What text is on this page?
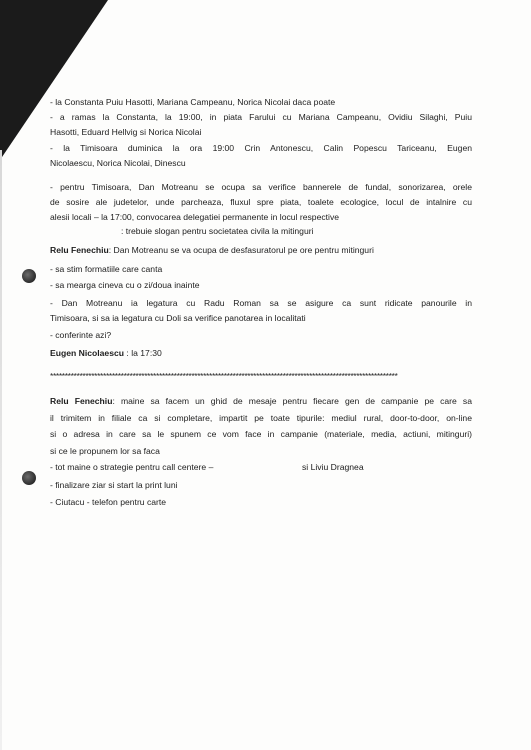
- la Constanta Puiu Hasotti, Mariana Campeanu, Norica Nicolai daca poate
- a ramas la Constanta, la 19:00, in piata Farului cu Mariana Campeanu, Ovidiu Silaghi, Puiu
Hasotti, Eduard Hellvig si Norica Nicolai
- la Timisoara duminica la ora 19:00 Crin Antonescu, Calin Popescu Tariceanu, Eugen
Nicolaescu, Norica Nicolai, Dinescu
- pentru Timisoara, Dan Motreanu se ocupa sa verifice bannerele de fundal, sonorizarea, orele
de sosire ale judetelor, unde parcheaza, fluxul spre piata, toalete ecologice, locul de intalnire cu
alesii locali – la 17:00, convocarea delegatiei permanente in locul respective
: trebuie slogan pentru societatea civila la mitinguri
Relu Fenechiu: Dan Motreanu se va ocupa de desfasuratorul pe ore pentru mitinguri
- sa stim formatiile care canta
- sa mearga cineva cu o zi/doua inainte
- Dan Motreanu ia legatura cu Radu Roman sa se asigure ca sunt ridicate panourile in
Timisoara, si sa ia legatura cu Doli sa verifice panotarea in localitati
- conferinte azi?
Eugen Nicolaescu : la 17:30
**********************************************************************************************************************
Relu Fenechiu: maine sa facem un ghid de mesaje pentru fiecare gen de campanie pe care sa
il trimitem in filiale ca si completare, impartit pe toate tipurile: mediul rural, door-to-door, on-line
si o adresa in care sa le spunem ce vom face in campanie (materiale, media, actiuni, mitinguri)
si ce le propunem lor sa faca
- tot maine o strategie pentru call centere –	si Liviu Dragnea
- finalizare ziar si start la print luni
- Ciutacu - telefon pentru carte
